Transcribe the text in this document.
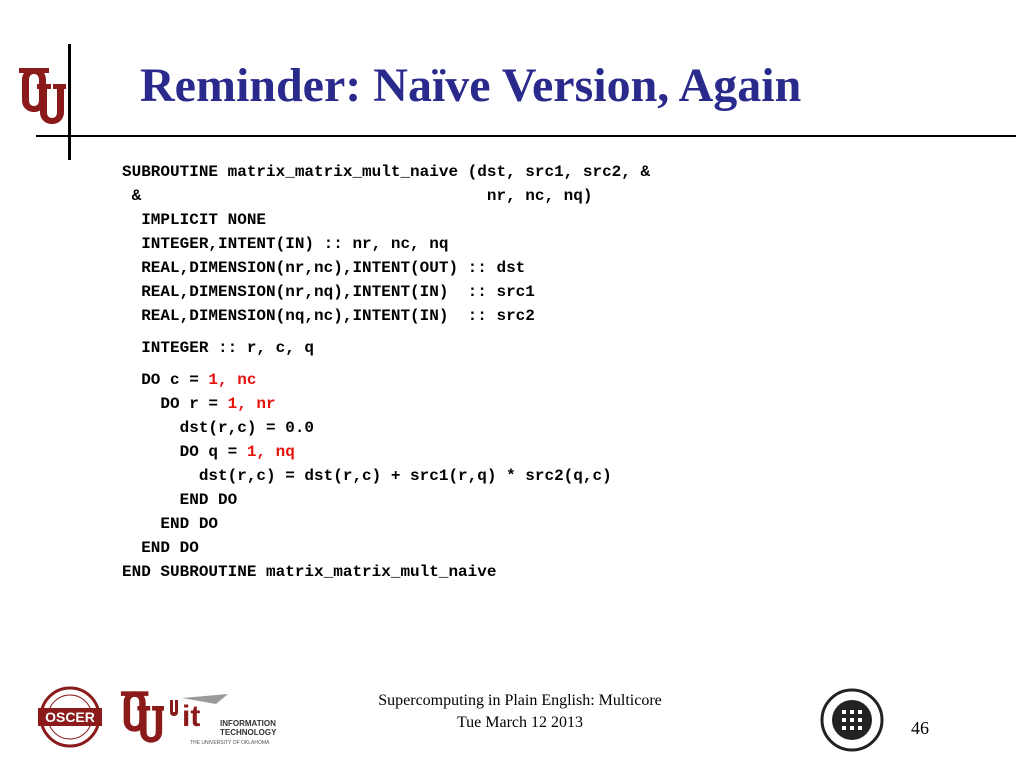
Reminder: Naïve Version, Again
SUBROUTINE matrix_matrix_mult_naive (dst, src1, src2, &
&                                    nr, nc, nq)
IMPLICIT NONE
INTEGER,INTENT(IN) :: nr, nc, nq
REAL,DIMENSION(nr,nc),INTENT(OUT) :: dst
REAL,DIMENSION(nr,nq),INTENT(IN)  :: src1
REAL,DIMENSION(nq,nc),INTENT(IN)  :: src2
INTEGER :: r, c, q
DO c = 1, nc
DO r = 1, nr
dst(r,c) = 0.0
DO q = 1, nq
dst(r,c) = dst(r,c) + src1(r,q) * src2(q,c)
END DO
END DO
END DO
END SUBROUTINE matrix_matrix_mult_naive
OSCER	it INFORMATION
TECHNOLOGY
THE UNIVERSITY OF OKLAHOMA
Supercomputing in Plain English: Multicore
Tue March 12 2013	46
